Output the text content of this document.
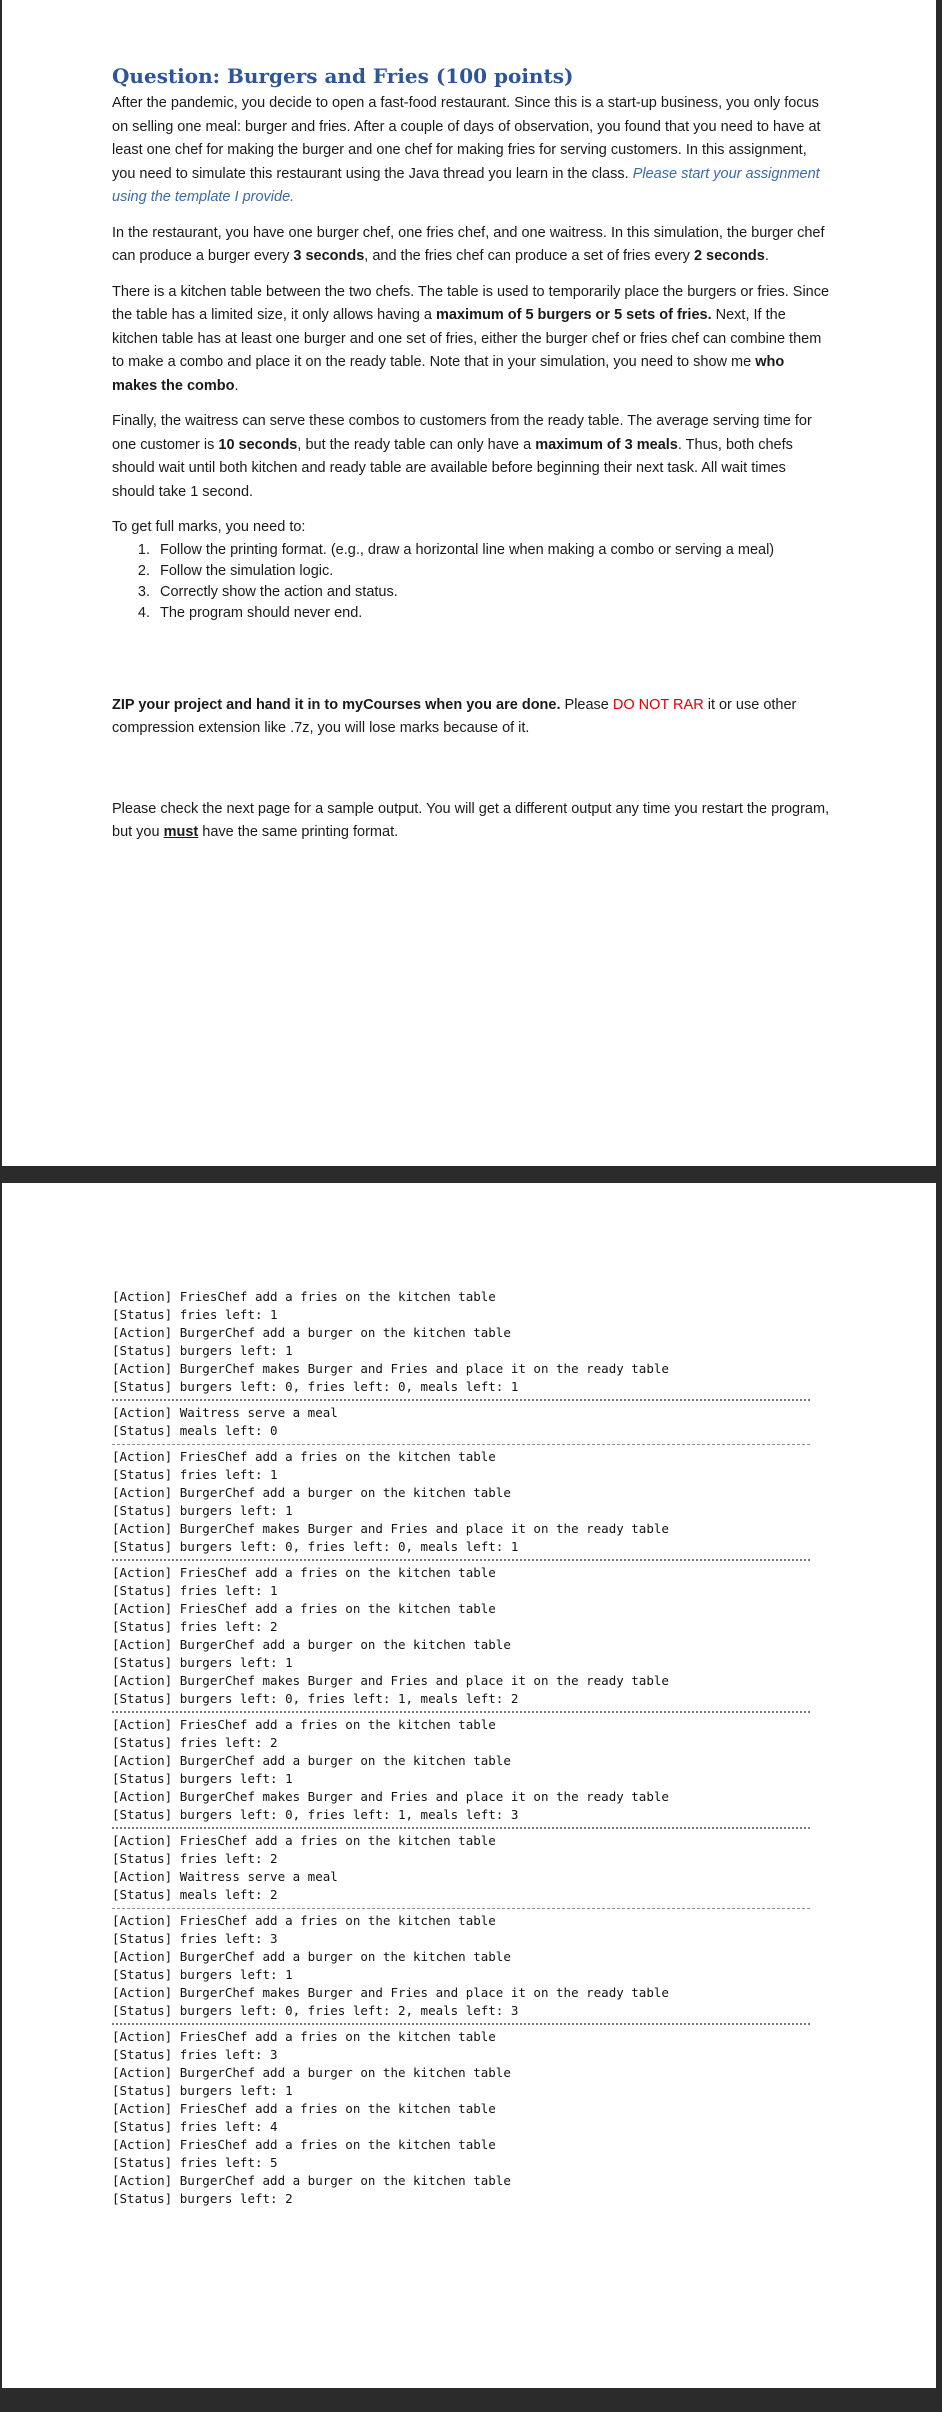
Question: Burgers and Fries (100 points)

After the pandemic, you decide to open a fast-food restaurant. Since this is a start-up business, you only focus on selling one meal: burger and fries. After a couple of days of observation, you found that you need to have at least one chef for making the burger and one chef for making fries for serving customers. In this assignment, you need to simulate this restaurant using the Java thread you learn in the class. Please start your assignment using the template I provide.

In the restaurant, you have one burger chef, one fries chef, and one waitress. In this simulation, the burger chef can produce a burger every 3 seconds, and the fries chef can produce a set of fries every 2 seconds.

There is a kitchen table between the two chefs. The table is used to temporarily place the burgers or fries. Since the table has a limited size, it only allows having a maximum of 5 burgers or 5 sets of fries. Next, If the kitchen table has at least one burger and one set of fries, either the burger chef or fries chef can combine them to make a combo and place it on the ready table. Note that in your simulation, you need to show me who makes the combo.

Finally, the waitress can serve these combos to customers from the ready table. The average serving time for one customer is 10 seconds, but the ready table can only have a maximum of 3 meals. Thus, both chefs should wait until both kitchen and ready table are available before beginning their next task. All wait times should take 1 second.

To get full marks, you need to:

1. Follow the printing format. (e.g., draw a horizontal line when making a combo or serving a meal)
2. Follow the simulation logic.
3. Correctly show the action and status.
4. The program should never end.

ZIP your project and hand it in to myCourses when you are done. Please DO NOT RAR it or use other compression extension like .7z, you will lose marks because of it.

Please check the next page for a sample output. You will get a different output any time you restart the program, but you must have the same printing format.

[Action] FriesChef add a fries on the kitchen table
[Status] fries left: 1
[Action] BurgerChef add a burger on the kitchen table
[Status] burgers left: 1
[Action] BurgerChef makes Burger and Fries and place it on the ready table
[Status] burgers left: 0, fries left: 0, meals left: 1
[Action] Waitress serve a meal
[Status] meals left: 0
[Action] FriesChef add a fries on the kitchen table
[Status] fries left: 1
[Action] BurgerChef add a burger on the kitchen table
[Status] burgers left: 1
[Action] BurgerChef makes Burger and Fries and place it on the ready table
[Status] burgers left: 0, fries left: 0, meals left: 1
[Action] FriesChef add a fries on the kitchen table
[Status] fries left: 1
[Action] FriesChef add a fries on the kitchen table
[Status] fries left: 2
[Action] BurgerChef add a burger on the kitchen table
[Status] burgers left: 1
[Action] BurgerChef makes Burger and Fries and place it on the ready table
[Status] burgers left: 0, fries left: 1, meals left: 2
[Action] FriesChef add a fries on the kitchen table
[Status] fries left: 2
[Action] BurgerChef add a burger on the kitchen table
[Status] burgers left: 1
[Action] BurgerChef makes Burger and Fries and place it on the ready table
[Status] burgers left: 0, fries left: 1, meals left: 3
[Action] FriesChef add a fries on the kitchen table
[Status] fries left: 2
[Action] Waitress serve a meal
[Status] meals left: 2
[Action] FriesChef add a fries on the kitchen table
[Status] fries left: 3
[Action] BurgerChef add a burger on the kitchen table
[Status] burgers left: 1
[Action] BurgerChef makes Burger and Fries and place it on the ready table
[Status] burgers left: 0, fries left: 2, meals left: 3
[Action] FriesChef add a fries on the kitchen table
[Status] fries left: 3
[Action] BurgerChef add a burger on the kitchen table
[Status] burgers left: 1
[Action] FriesChef add a fries on the kitchen table
[Status] fries left: 4
[Action] FriesChef add a fries on the kitchen table
[Status] fries left: 5
[Action] BurgerChef add a burger on the kitchen table
[Status] burgers left: 2
